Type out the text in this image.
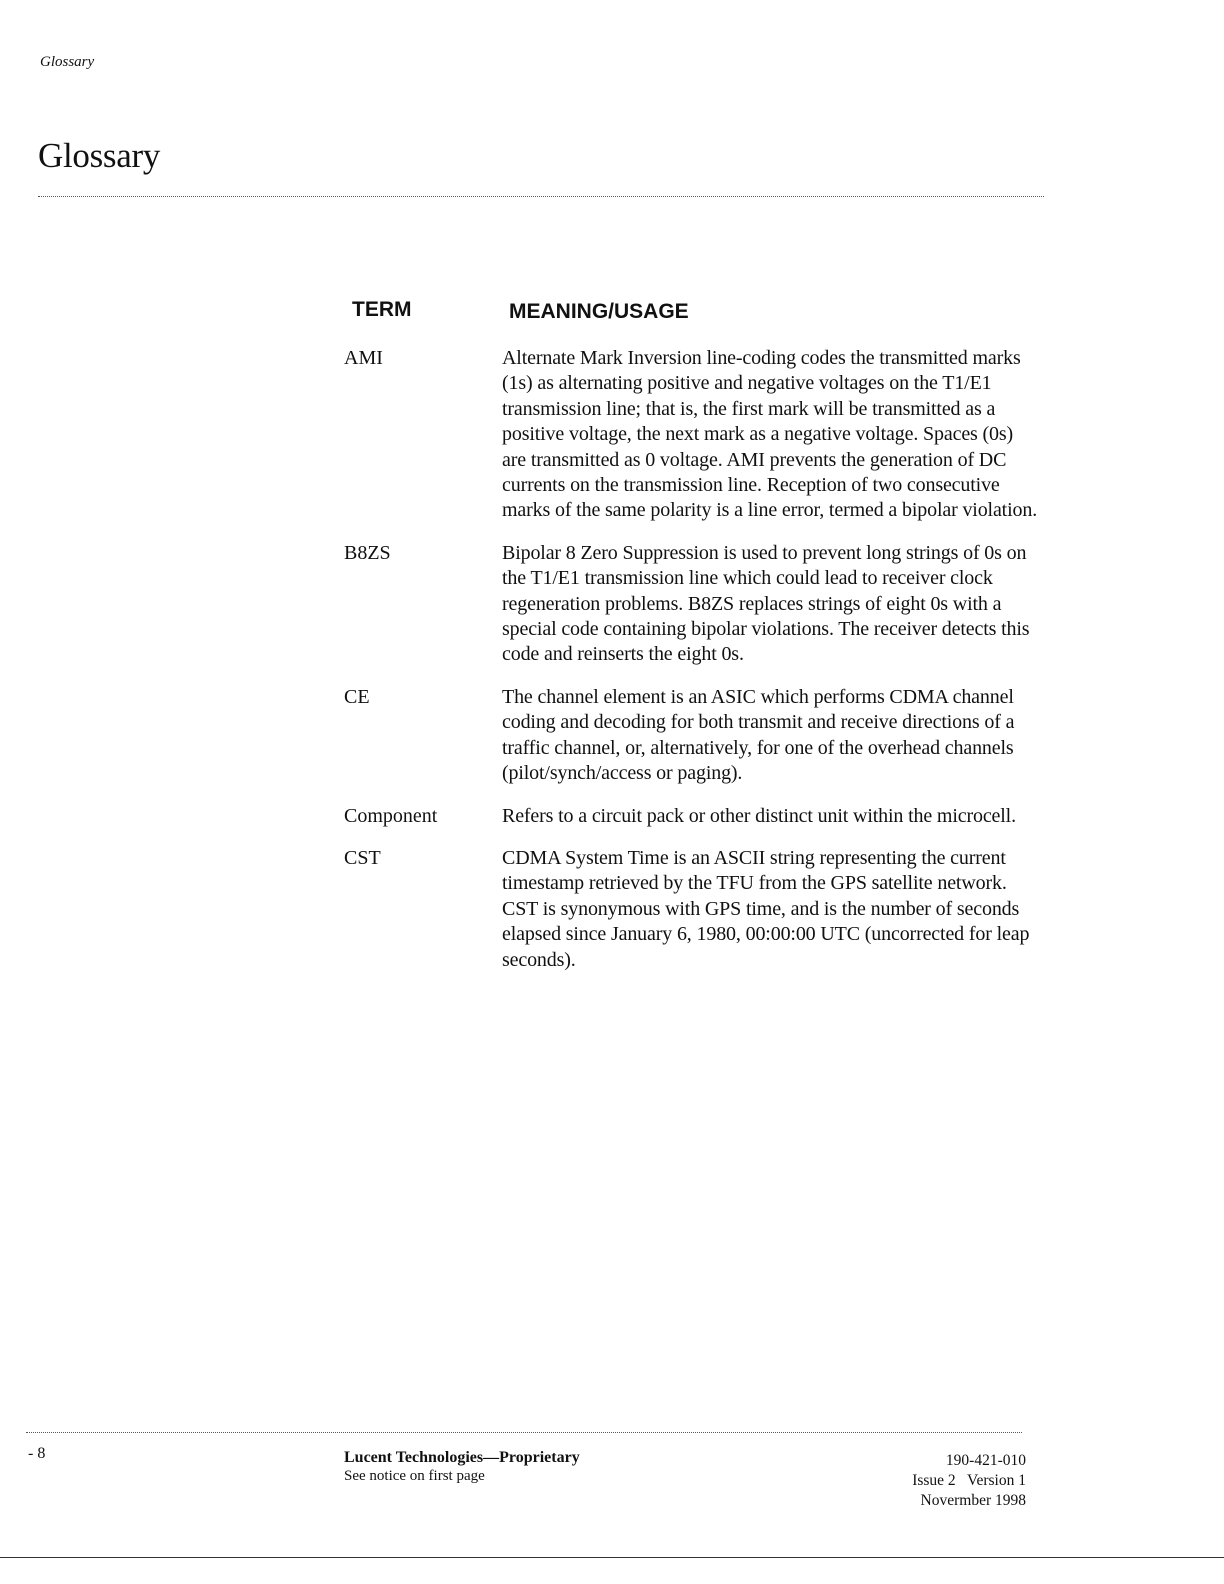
Glossary
Glossary
TERM	MEANING/USAGE
AMI	Alternate Mark Inversion line-coding codes the transmitted marks (1s) as alternating positive and negative voltages on the T1/E1 transmission line; that is, the first mark will be transmitted as a positive voltage, the next mark as a negative voltage. Spaces (0s) are transmitted as 0 voltage. AMI prevents the generation of DC currents on the transmission line. Reception of two consecutive marks of the same polarity is a line error, termed a bipolar violation.
B8ZS	Bipolar 8 Zero Suppression is used to prevent long strings of 0s on the T1/E1 transmission line which could lead to receiver clock regeneration problems. B8ZS replaces strings of eight 0s with a special code containing bipolar violations. The receiver detects this code and reinserts the eight 0s.
CE	The channel element is an ASIC which performs CDMA channel coding and decoding for both transmit and receive directions of a traffic channel, or, alternatively, for one of the overhead channels (pilot/synch/access or paging).
Component	Refers to a circuit pack or other distinct unit within the microcell.
CST	CDMA System Time is an ASCII string representing the current timestamp retrieved by the TFU from the GPS satellite network. CST is synonymous with GPS time, and is the number of seconds elapsed since January 6, 1980, 00:00:00 UTC (uncorrected for leap seconds).
- 8	Lucent Technologies—Proprietary
See notice on first page
190-421-010
Issue 2   Version 1
Novermber 1998
